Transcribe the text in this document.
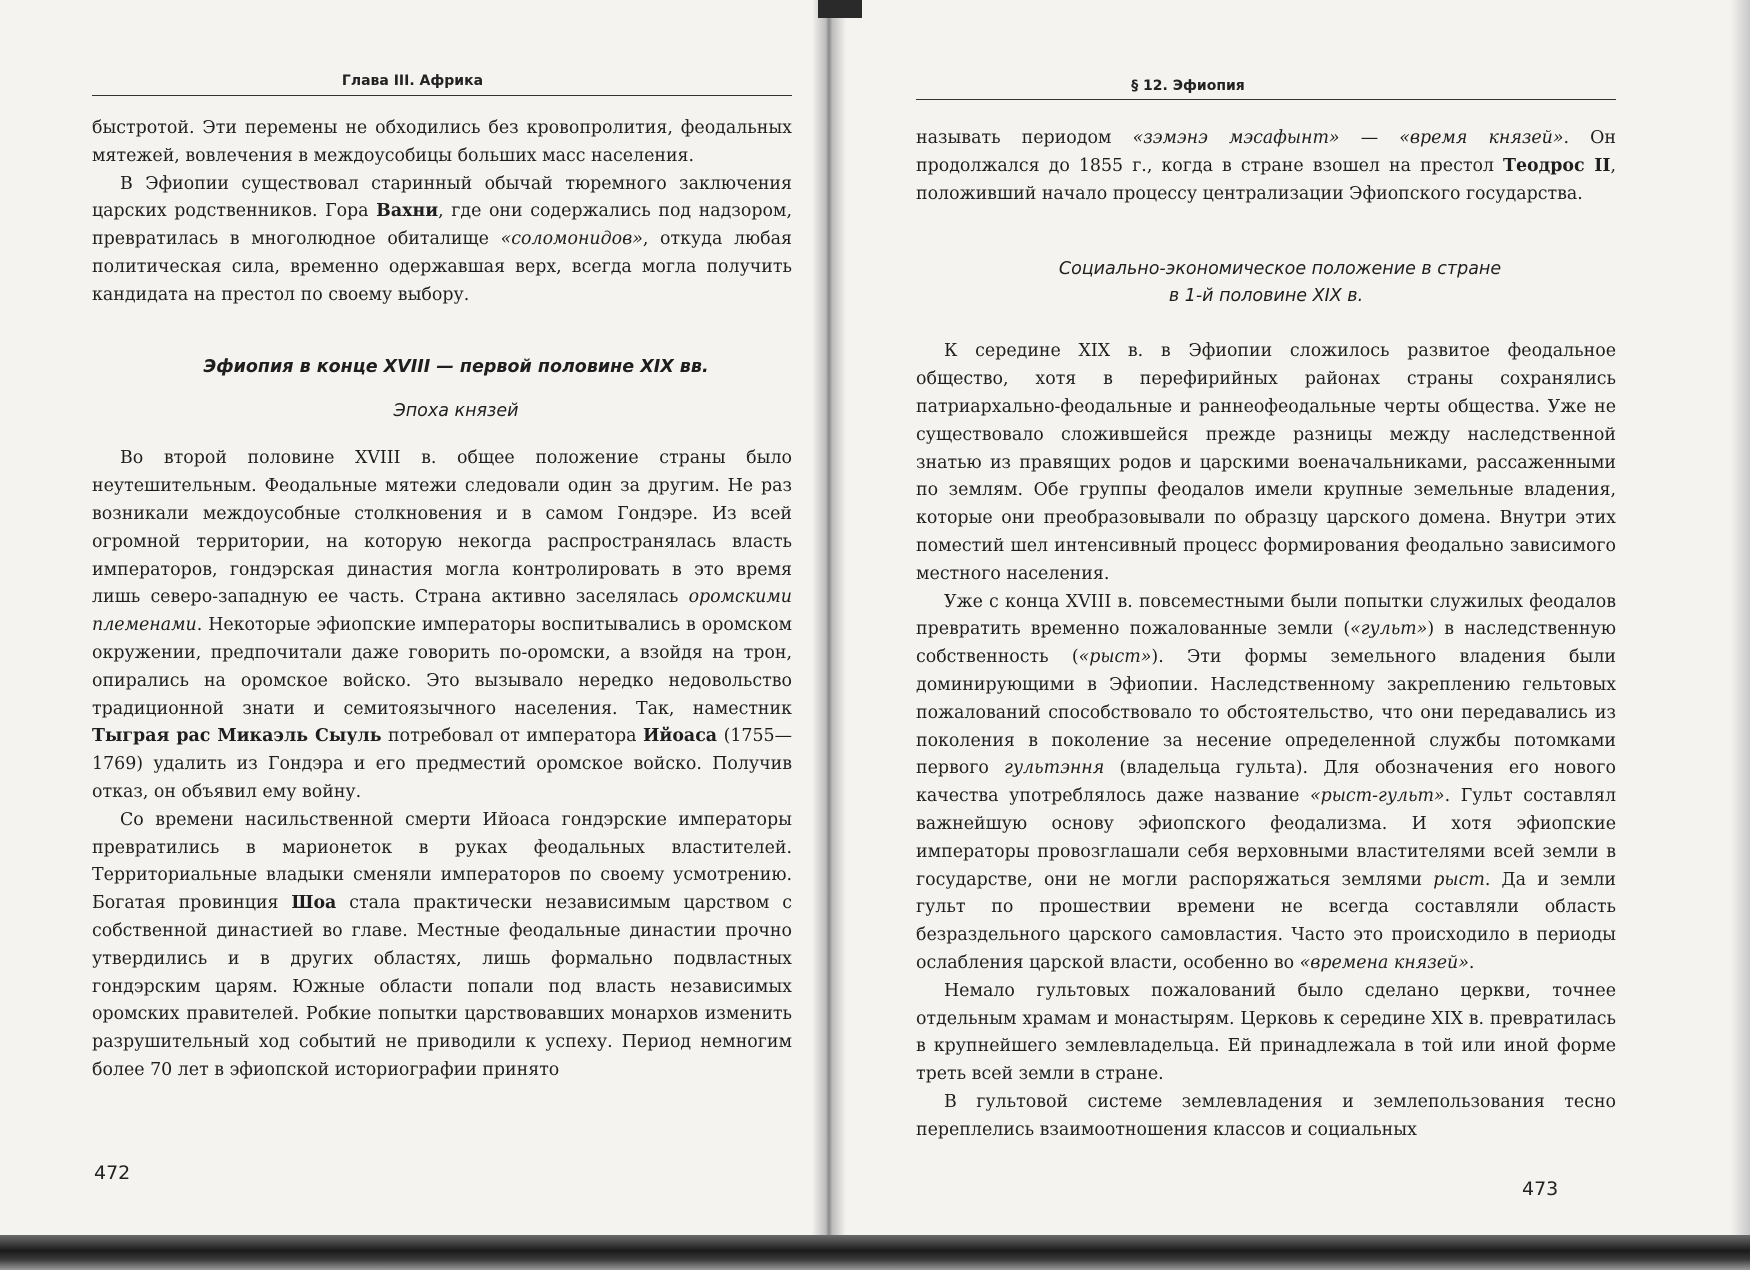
Глава III. Африка

быстротой. Эти перемены не обходились без кровопролития, феодальных мятежей, вовлечения в междоусобицы больших масс населения.

В Эфиопии существовал старинный обычай тюремного заключения царских родственников. Гора Вахни, где они содержались под надзором, превратилась в многолюдное обиталище «соломонидов», откуда любая политическая сила, временно одержавшая верх, всегда могла получить кандидата на престол по своему выбору.

Эфиопия в конце XVIII — первой половине XIX вв.

Эпоха князей

Во второй половине XVIII в. общее положение страны было неутешительным. Феодальные мятежи следовали один за другим. Не раз возникали междоусобные столкновения и в самом Гондэре. Из всей огромной территории, на которую некогда распространялась власть императоров, гондэрская династия могла контролировать в это время лишь северо-западную ее часть. Страна активно заселялась оромскими племенами. Некоторые эфиопские императоры воспитывались в оромском окружении, предпочитали даже говорить по-оромски, а взойдя на трон, опирались на оромское войско. Это вызывало нередко недовольство традиционной знати и семитоязычного населения. Так, наместник Тыграя рас Микаэль Сыуль потребовал от императора Ийоаса (1755—1769) удалить из Гондэра и его предместий оромское войско. Получив отказ, он объявил ему войну.

Со времени насильственной смерти Ийоаса гондэрские императоры превратились в марионеток в руках феодальных властителей. Территориальные владыки сменяли императоров по своему усмотрению. Богатая провинция Шоа стала практически независимым царством с собственной династией во главе. Местные феодальные династии прочно утвердились и в других областях, лишь формально подвластных гондэрским царям. Южные области попали под власть независимых оромских правителей. Робкие попытки царствовавших монархов изменить разрушительный ход событий не приводили к успеху. Период немногим более 70 лет в эфиопской историографии принято

472
§ 12. Эфиопия

называть периодом «зэмэнэ мэсафынт» — «время князей». Он продолжался до 1855 г., когда в стране взошел на престол Теодрос II, положивший начало процессу централизации Эфиопского государства.

Социально-экономическое положение в стране
в 1-й половине XIX в.

К середине XIX в. в Эфиопии сложилось развитое феодальное общество, хотя в перефирийных районах страны сохранялись патриархально-феодальные и раннеофеодальные черты общества. Уже не существовало сложившейся прежде разницы между наследственной знатью из правящих родов и царскими военачальниками, рассаженными по землям. Обе группы феодалов имели крупные земельные владения, которые они преобразовывали по образцу царского домена. Внутри этих поместий шел интенсивный процесс формирования феодально зависимого местного населения.

Уже с конца XVIII в. повсеместными были попытки служилых феодалов превратить временно пожалованные земли («гульт») в наследственную собственность («рыст»). Эти формы земельного владения были доминирующими в Эфиопии. Наследственному закреплению гельтовых пожалований способствовало то обстоятельство, что они передавались из поколения в поколение за несение определенной службы потомками первого гультэння (владельца гульта). Для обозначения его нового качества употреблялось даже название «рыст-гульт». Гульт составлял важнейшую основу эфиопского феодализма. И хотя эфиопские императоры провозглашали себя верховными властителями всей земли в государстве, они не могли распоряжаться землями рыст. Да и земли гульт по прошествии времени не всегда составляли область безраздельного царского самовластия. Часто это происходило в периоды ослабления царской власти, особенно во «времена князей».

Немало гультовых пожалований было сделано церкви, точнее отдельным храмам и монастырям. Церковь к середине XIX в. превратилась в крупнейшего землевладельца. Ей принадлежала в той или иной форме треть всей земли в стране.

В гультовой системе землевладения и землепользования тесно переплелись взаимоотношения классов и социальных

473
